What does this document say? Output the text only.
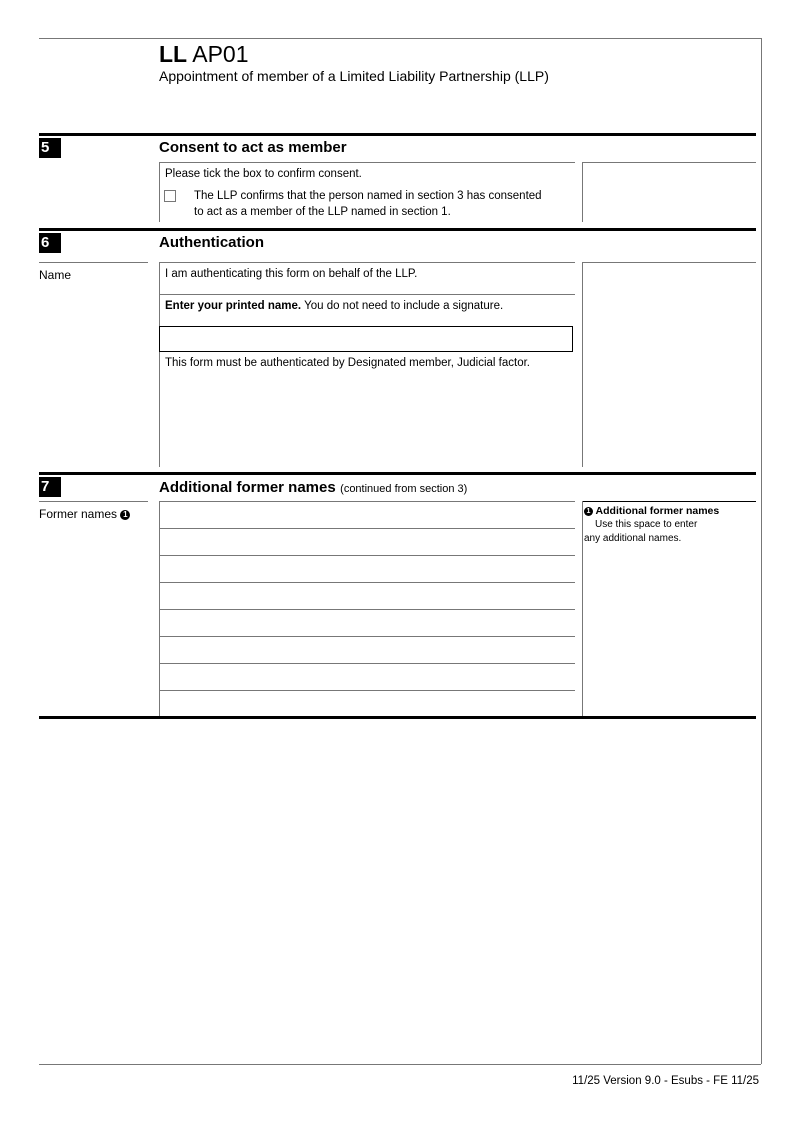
LL AP01
Appointment of member of a Limited Liability Partnership (LLP)
5	Consent to act as member
Please tick the box to confirm consent.
The LLP confirms that the person named in section 3 has consented
to act as a member of the LLP named in section 1.
6	Authentication
Name	I am authenticating this form on behalf of the LLP.
Enter your printed name. You do not need to include a signature.
This form must be authenticated by Designated member, Judicial factor.
7	Additional former names (continued from section 3)
Former names 1	1 Additional former names
Use this space to enter
any additional names.
11/25 Version 9.0 - Esubs - FE 11/25
